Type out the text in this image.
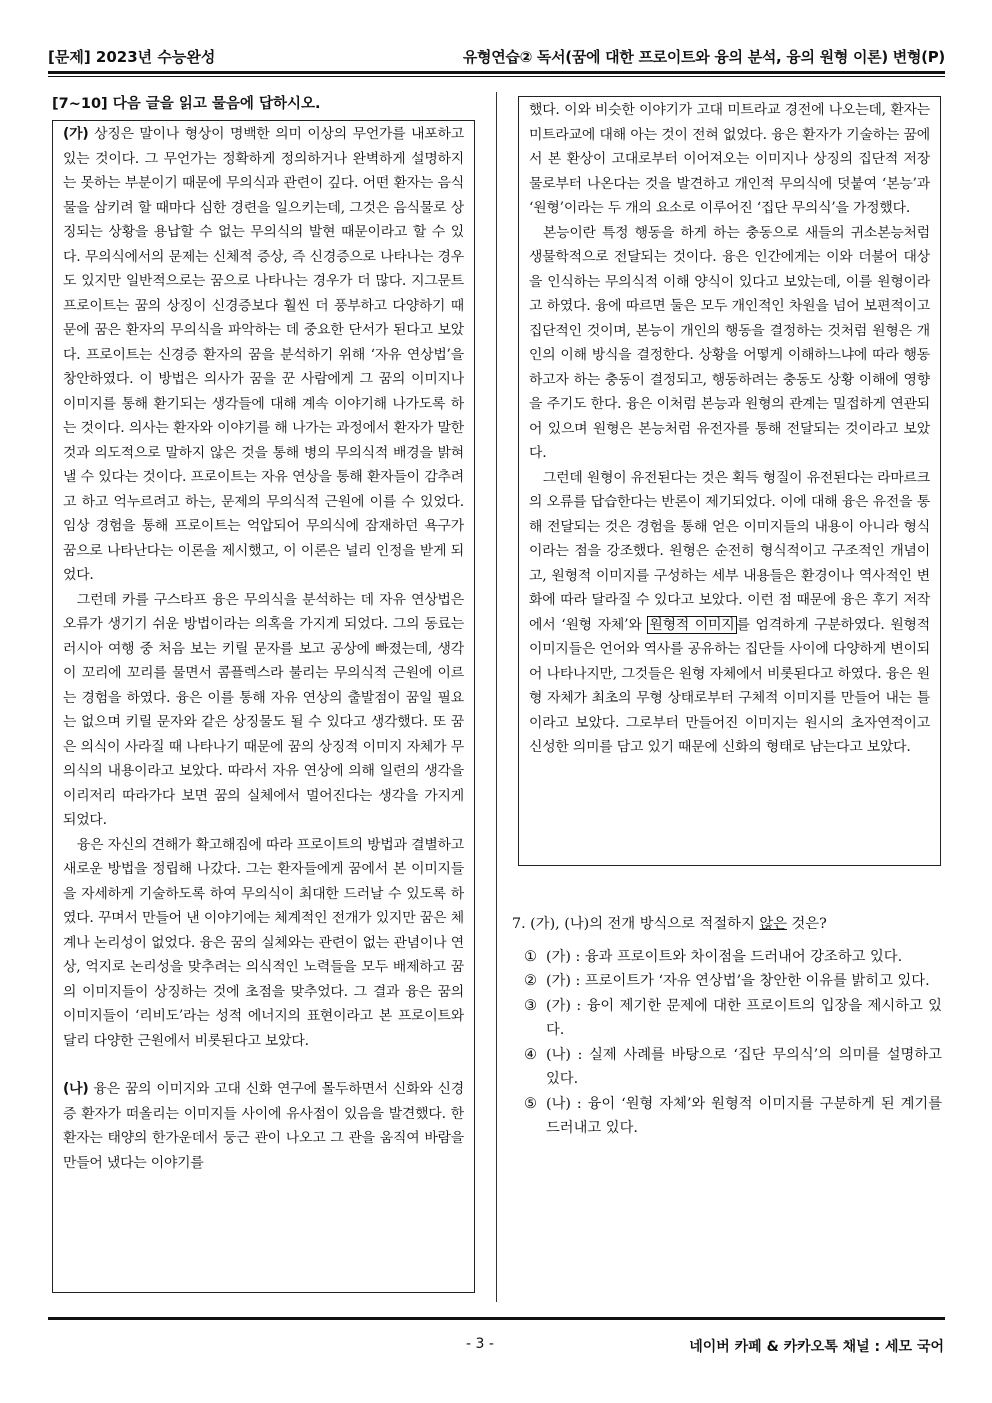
[문제] 2023년 수능완성	유형연습② 독서(꿈에 대한 프로이트와 융의 분석, 융의 원형 이론) 변형(P)
[7~10] 다음 글을 읽고 물음에 답하시오.

(가) 상징은 말이나 형상이 명백한 의미 이상의 무언가를 내포하고 있는 것이다. 그 무언가는 정확하게 정의하거나 완벽하게 설명하지는 못하는 부분이기 때문에 무의식과 관련이 깊다. 어떤 환자는 음식물을 삼키려 할 때마다 심한 경련을 일으키는데, 그것은 음식물로 상징되는 상황을 용납할 수 없는 무의식의 발현 때문이라고 할 수 있다. 무의식에서의 문제는 신체적 증상, 즉 신경증으로 나타나는 경우도 있지만 일반적으로는 꿈으로 나타나는 경우가 더 많다. 지그문트 프로이트는 꿈의 상징이 신경증보다 훨씬 더 풍부하고 다양하기 때문에 꿈은 환자의 무의식을 파악하는 데 중요한 단서가 된다고 보았다. 프로이트는 신경증 환자의 꿈을 분석하기 위해 ‘자유 연상법’을 창안하였다. 이 방법은 의사가 꿈을 꾼 사람에게 그 꿈의 이미지나 이미지를 통해 환기되는 생각들에 대해 계속 이야기해 나가도록 하는 것이다. 의사는 환자와 이야기를 해 나가는 과정에서 환자가 말한 것과 의도적으로 말하지 않은 것을 통해 병의 무의식적 배경을 밝혀낼 수 있다는 것이다. 프로이트는 자유 연상을 통해 환자들이 감추려고 하고 억누르려고 하는, 문제의 무의식적 근원에 이를 수 있었다. 임상 경험을 통해 프로이트는 억압되어 무의식에 잠재하던 욕구가 꿈으로 나타난다는 이론을 제시했고, 이 이론은 널리 인정을 받게 되었다.

그런데 카를 구스타프 융은 무의식을 분석하는 데 자유 연상법은 오류가 생기기 쉬운 방법이라는 의혹을 가지게 되었다. 그의 동료는 러시아 여행 중 처음 보는 키릴 문자를 보고 공상에 빠졌는데, 생각이 꼬리에 꼬리를 물면서 콤플렉스라 불리는 무의식적 근원에 이르는 경험을 하였다. 융은 이를 통해 자유 연상의 출발점이 꿈일 필요는 없으며 키릴 문자와 같은 상징물도 될 수 있다고 생각했다. 또 꿈은 의식이 사라질 때 나타나기 때문에 꿈의 상징적 이미지 자체가 무의식의 내용이라고 보았다. 따라서 자유 연상에 의해 일련의 생각을 이리저리 따라가다 보면 꿈의 실체에서 멀어진다는 생각을 가지게 되었다.

융은 자신의 견해가 확고해짐에 따라 프로이트의 방법과 결별하고 새로운 방법을 정립해 나갔다. 그는 환자들에게 꿈에서 본 이미지들을 자세하게 기술하도록 하여 무의식이 최대한 드러날 수 있도록 하였다. 꾸며서 만들어 낸 이야기에는 체계적인 전개가 있지만 꿈은 체계나 논리성이 없었다. 융은 꿈의 실체와는 관련이 없는 관념이나 연상, 억지로 논리성을 맞추려는 의식적인 노력들을 모두 배제하고 꿈의 이미지들이 상징하는 것에 초점을 맞추었다. 그 결과 융은 꿈의 이미지들이 ‘리비도’라는 성적 에너지의 표현이라고 본 프로이트와 달리 다양한 근원에서 비롯된다고 보았다.

(나) 융은 꿈의 이미지와 고대 신화 연구에 몰두하면서 신화와 신경증 환자가 떠올리는 이미지들 사이에 유사점이 있음을 발견했다. 한 환자는 태양의 한가운데서 둥근 관이 나오고 그 관을 움직여 바람을 만들어 냈다는 이야기를

했다. 이와 비슷한 이야기가 고대 미트라교 경전에 나오는데, 환자는 미트라교에 대해 아는 것이 전혀 없었다. 융은 환자가 기술하는 꿈에서 본 환상이 고대로부터 이어져오는 이미지나 상징의 집단적 저장물로부터 나온다는 것을 발견하고 개인적 무의식에 덧붙여 ‘본능’과 ‘원형’이라는 두 개의 요소로 이루어진 ‘집단 무의식’을 가정했다.

본능이란 특정 행동을 하게 하는 충동으로 새들의 귀소본능처럼 생물학적으로 전달되는 것이다. 융은 인간에게는 이와 더불어 대상을 인식하는 무의식적 이해 양식이 있다고 보았는데, 이를 원형이라고 하였다. 융에 따르면 둘은 모두 개인적인 차원을 넘어 보편적이고 집단적인 것이며, 본능이 개인의 행동을 결정하는 것처럼 원형은 개인의 이해 방식을 결정한다. 상황을 어떻게 이해하느냐에 따라 행동하고자 하는 충동이 결정되고, 행동하려는 충동도 상황 이해에 영향을 주기도 한다. 융은 이처럼 본능과 원형의 관계는 밀접하게 연관되어 있으며 원형은 본능처럼 유전자를 통해 전달되는 것이라고 보았다.

그런데 원형이 유전된다는 것은 획득 형질이 유전된다는 라마르크의 오류를 답습한다는 반론이 제기되었다. 이에 대해 융은 유전을 통해 전달되는 것은 경험을 통해 얻은 이미지들의 내용이 아니라 형식이라는 점을 강조했다. 원형은 순전히 형식적이고 구조적인 개념이고, 원형적 이미지를 구성하는 세부 내용들은 환경이나 역사적인 변화에 따라 달라질 수 있다고 보았다. 이런 점 때문에 융은 후기 저작에서 ‘원형 자체’와 원형적 이미지 를 엄격하게 구분하였다. 원형적 이미지들은 언어와 역사를 공유하는 집단들 사이에 다양하게 변이되어 나타나지만, 그것들은 원형 자체에서 비롯된다고 하였다. 융은 원형 자체가 최초의 무형 상태로부터 구체적 이미지를 만들어 내는 틀이라고 보았다. 그로부터 만들어진 이미지는 원시의 초자연적이고 신성한 의미를 담고 있기 때문에 신화의 형태로 남는다고 보았다.

7. (가), (나)의 전개 방식으로 적절하지 않은 것은?

① (가) : 융과 프로이트와 차이점을 드러내어 강조하고 있다.
② (가) : 프로이트가 ‘자유 연상법’을 창안한 이유를 밝히고 있다.
③ (가) : 융이 제기한 문제에 대한 프로이트의 입장을 제시하고 있다.
④ (나) : 실제 사례를 바탕으로 ‘집단 무의식’의 의미를 설명하고 있다.
⑤ (나) : 융이 ‘원형 자체’와 원형적 이미지를 구분하게 된 계기를 드러내고 있다.
- 3 -	네이버 카페 & 카카오톡 채널 : 세모 국어
